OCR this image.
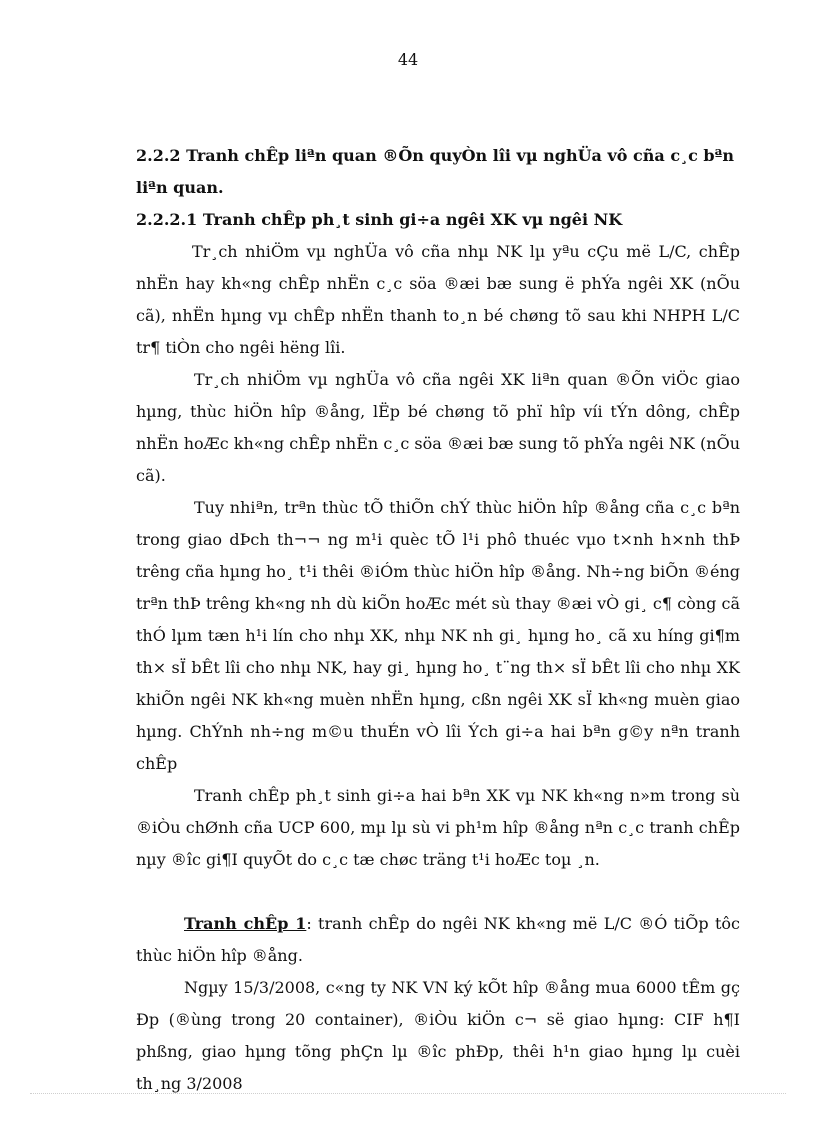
44

2.2.2 Tranh chÊp liªn quan ®Õn quyÒn lîi vµ nghÜa vô cña c¸c bªn liªn quan.

2.2.2.1 Tranh chÊp ph¸t sinh gi÷a ngêi XK vµ ngêi NK

Tr¸ch nhiÖm vµ nghÜa vô cña nhµ NK lµ yªu cÇu më L/C, chÊp nhËn hay kh«ng chÊp nhËn c¸c söa ®æi bæ sung ë phÝa ngêi XK (nÕu cã), nhËn hµng vµ chÊp nhËn thanh to¸n bé chøng tõ sau khi NHPH L/C tr¶ tiÒn cho ngêi hëng lîi.

Tr¸ch nhiÖm vµ nghÜa vô cña ngêi XK liªn quan ®Õn viÖc giao hµng, thùc hiÖn hîp ®ång, lËp bé chøng tõ phï hîp víi tÝn dông, chÊp nhËn hoÆc kh«ng chÊp nhËn c¸c söa ®æi bæ sung tõ phÝa ngêi NK (nÕu cã).

Tuy nhiªn, trªn thùc tÕ thiÕn chÝ thùc hiÖn hîp ®ång cña c¸c bªn trong giao dÞch th¬¬ ng m¹i quèc tÕ l¹i phô thuéc vµo t×nh h×nh thÞ trêng cña hµng ho¸ t¹i thêi ®iÓm thùc hiÖn hîp ®ång. Nh÷ng biÕn ®éng trªn thÞ trêng kh«ng nh dù kiÕn hoÆc mét sù thay ®æi vÒ gi¸ c¶ còng cã thÓ lµm tæn h¹i lín cho nhµ XK, nhµ NK nh gi¸ hµng ho¸ cã xu híng gi¶m th× sÏ bÊt lîi cho nhµ NK, hay gi¸ hµng ho¸ t¨ng th× sÏ bÊt lîi cho nhµ XK khiÕn ngêi NK kh«ng muèn nhËn hµng, cßn ngêi XK sÏ kh«ng muèn giao hµng. ChÝnh nh÷ng m©u thuÉn vÒ lîi Ých gi÷a hai bªn g©y nªn tranh chÊp

Tranh chÊp ph¸t sinh gi÷a hai bªn XK vµ NK kh«ng n»m trong sù ®iÒu chØnh cña UCP 600, mµ lµ sù vi ph¹m hîp ®ång nªn c¸c tranh chÊp nµy ®îc gi¶I quyÕt do c¸c tæ chøc träng t¹i hoÆc toµ ¸n.

Tranh chÊp 1: tranh chÊp do ngêi NK kh«ng më L/C ®Ó tiÕp tôc thùc hiÖn hîp ®ång.

Ngµy 15/3/2008, c«ng ty NK VN ký kÕt hîp ®ång mua 6000 tÊm gç Ðp (®ùng trong 20 container), ®iÒu kiÖn c¬ së giao hµng: CIF h¶I phßng, giao hµng tõng phÇn lµ ®îc phÐp, thêi h¹n giao hµng lµ cuèi th¸ng 3/2008
